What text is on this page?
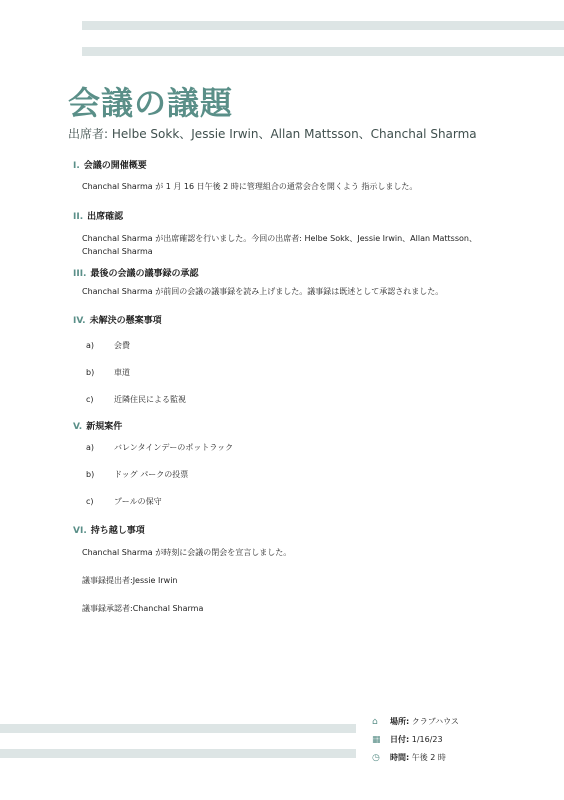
会議の議題
出席者: Helbe Sokk、Jessie Irwin、Allan Mattsson、Chanchal Sharma
I. 会議の開催概要
Chanchal Sharma が 1 月 16 日午後 2 時に管理組合の通常会合を開くよう 指示しました。
II. 出席確認
Chanchal Sharma が出席確認を行いました。今回の出席者: Helbe Sokk、Jessie Irwin、Allan Mattsson、
Chanchal Sharma
III. 最後の会議の議事録の承認
Chanchal Sharma が前回の会議の議事録を読み上げました。議事録は既述として承認されました。
IV. 未解決の懸案事項
a) 会費
b) 車道
c)	近隣住民による監視
V. 新規案件
a) バレンタインデーのポットラック
b) ドッグ パークの投票
c)	プールの保守
VI. 持ち越し事項
Chanchal Sharma が時刻に会議の閉会を宣言しました。
議事録提出者:Jessie Irwin
議事録承認者:Chanchal Sharma
⌂ 場所: クラブハウス
▦ 日付: 1/16/23
◷ 時間: 午後 2 時
